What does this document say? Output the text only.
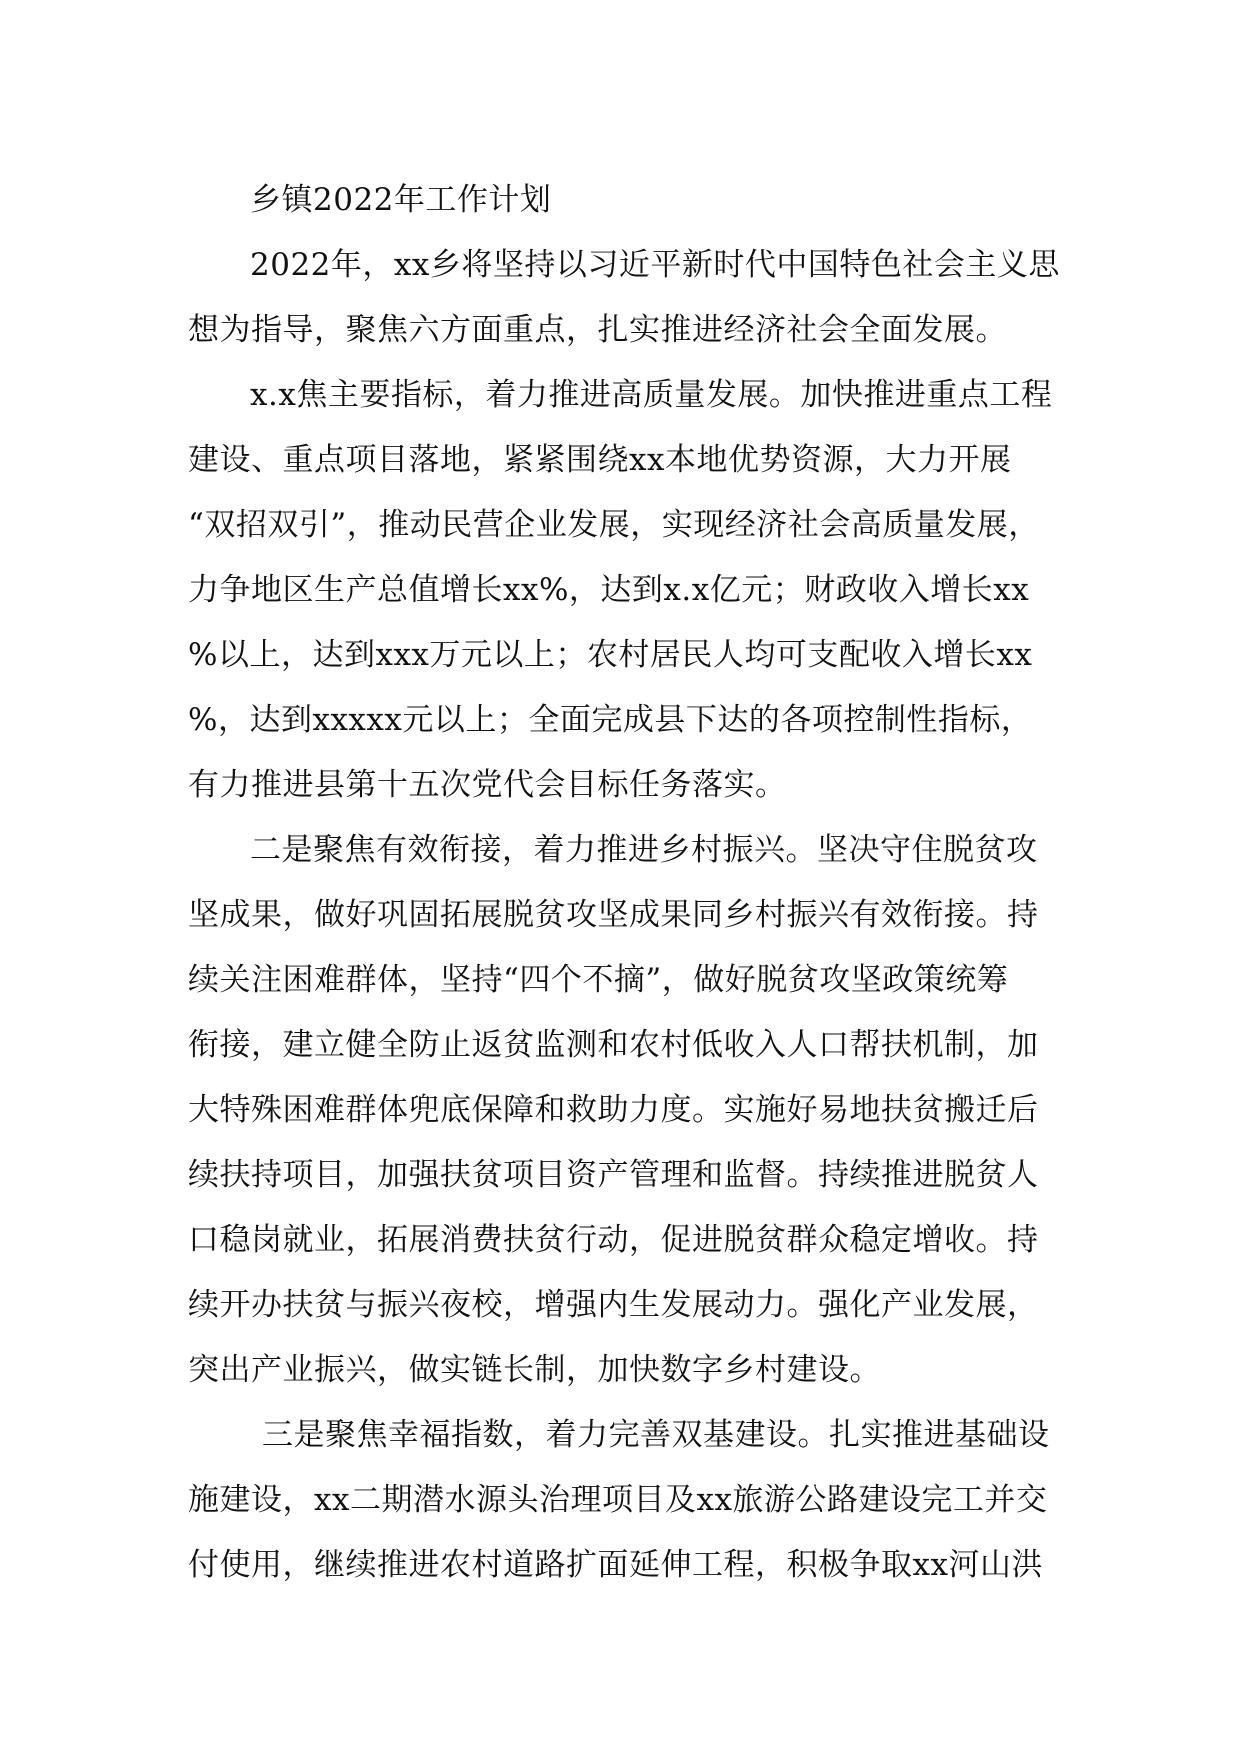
乡镇2022年工作计划
2022年，xx乡将坚持以习近平新时代中国特色社会主义思
想为指导，聚焦六方面重点，扎实推进经济社会全面发展。
x.x焦主要指标，着力推进高质量发展。加快推进重点工程
建设、重点项目落地，紧紧围绕xx本地优势资源，大力开展
“双招双引”，推动民营企业发展，实现经济社会高质量发展，
力争地区生产总值增长xx%，达到x.x亿元；财政收入增长xx
%以上，达到xxx万元以上；农村居民人均可支配收入增长xx
%，达到xxxxx元以上；全面完成县下达的各项控制性指标，
有力推进县第十五次党代会目标任务落实。
二是聚焦有效衔接，着力推进乡村振兴。坚决守住脱贫攻
坚成果，做好巩固拓展脱贫攻坚成果同乡村振兴有效衔接。持
续关注困难群体，坚持“四个不摘”，做好脱贫攻坚政策统筹
衔接，建立健全防止返贫监测和农村低收入人口帮扶机制，加
大特殊困难群体兜底保障和救助力度。实施好易地扶贫搬迁后
续扶持项目，加强扶贫项目资产管理和监督。持续推进脱贫人
口稳岗就业，拓展消费扶贫行动，促进脱贫群众稳定增收。持
续开办扶贫与振兴夜校，增强内生发展动力。强化产业发展，
突出产业振兴，做实链长制，加快数字乡村建设。
三是聚焦幸福指数，着力完善双基建设。扎实推进基础设
施建设，xx二期潜水源头治理项目及xx旅游公路建设完工并交
付使用，继续推进农村道路扩面延伸工程，积极争取xx河山洪
